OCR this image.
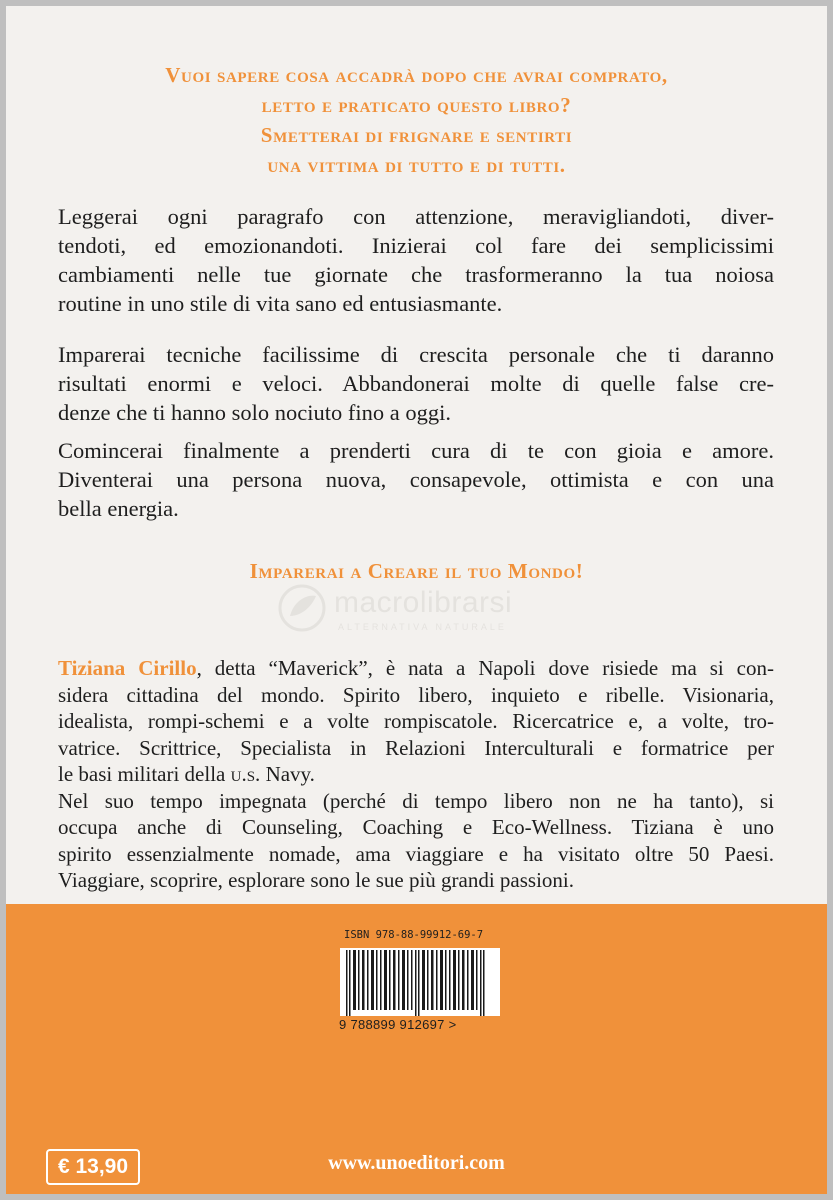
Vuoi sapere cosa accadrà dopo che avrai comprato,
letto e praticato questo libro?
Smetterai di frignare e sentirti
una vittima di tutto e di tutti.
Leggerai ogni paragrafo con attenzione, meravigliandoti, diver-
tendoti, ed emozionandoti. Inizierai col fare dei semplicissimi
cambiamenti nelle tue giornate che trasformeranno la tua noiosa
routine in uno stile di vita sano ed entusiasmante.
Imparerai tecniche facilissime di crescita personale che ti daranno
risultati enormi e veloci. Abbandonerai molte di quelle false cre-
denze che ti hanno solo nociuto fino a oggi.
Comincerai finalmente a prenderti cura di te con gioia e amore.
Diventerai una persona nuova, consapevole, ottimista e con una
bella energia.
Imparerai a Creare il tuo Mondo!
macrolibrarsi
ALTERNATIVA NATURALE
Tiziana Cirillo, detta “Maverick”, è nata a Napoli dove risiede ma si con-
sidera cittadina del mondo. Spirito libero, inquieto e ribelle. Visionaria,
idealista, rompi-schemi e a volte rompiscatole. Ricercatrice e, a volte, tro-
vatrice. Scrittrice, Specialista in Relazioni Interculturali e formatrice per
le basi militari della u.s. Navy.
Nel suo tempo impegnata (perché di tempo libero non ne ha tanto), si
occupa anche di Counseling, Coaching e Eco-Wellness. Tiziana è uno
spirito essenzialmente nomade, ama viaggiare e ha visitato oltre 50 Paesi.
Viaggiare, scoprire, esplorare sono le sue più grandi passioni.
ISBN 978-88-99912-69-7
9 788899 912697 >
€ 13,90	www.unoeditori.com
